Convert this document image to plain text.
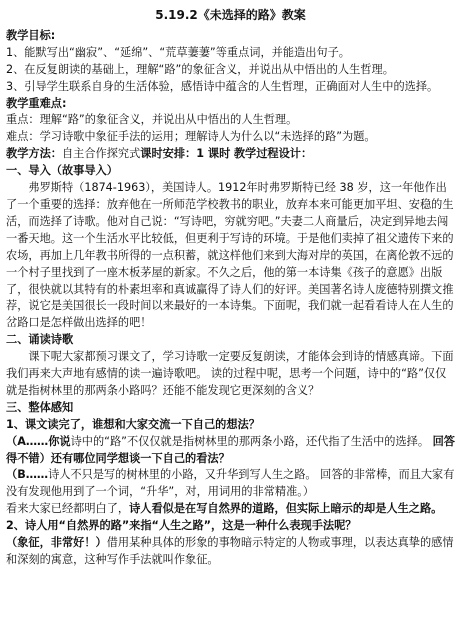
5.19.2《未选择的路》教案
教学目标:
1、能默写出“幽寂”、“延绵”、“荒草萋萋”等重点词，并能造出句子。
2、在反复朗读的基础上，理解“路”的象征含义，并说出从中悟出的人生哲理。
3、引导学生联系自身的生活体验，感悟诗中蕴含的人生哲理，正确面对人生中的选择。
教学重难点:
重点：理解“路”的象征含义，并说出从中悟出的人生哲理。
难点：学习诗歌中象征手法的运用；理解诗人为什么以“未选择的路”为题。
教学方法：自主合作探究式课时安排：1 课时 教学过程设计：
一、导入（故事导入）
弗罗斯特（1874-1963），美国诗人。1912年时弗罗斯特已经 38 岁，这一年他作出了一个重要的选择：放弃他在一所师范学校教书的职业，放弃本来可能更加平坦、安稳的生活，而选择了诗歌。他对自己说：“写诗吧，穷就穷吧。”夫妻二人商量后，决定到异地去闯一番天地。这一个生活水平比较低，但更利于写诗的环境。于是他们卖掉了祖父遗传下来的农场，再加上几年教书所得的一点积蓄，就这样他们来到大海对岸的英国，在离伦敦不远的一个村子里找到了一座木板茅屋的新家。不久之后，他的第一本诗集《孩子的意愿》出版了，很快就以其特有的朴素坦率和真诚赢得了诗人们的好评。美国著名诗人庞德特别撰文推荐，说它是美国很长一段时间以来最好的一本诗集。下面呢，我们就一起看看诗人在人生的岔路口是怎样做出选择的吧！
二、诵读诗歌
课下呢大家都预习课文了，学习诗歌一定要反复朗读，才能体会到诗的情感真谛。下面我们再来大声地有感情的读一遍诗歌吧。 读的过程中呢，思考一个问题，诗中的“路”仅仅就是指树林里的那两条小路吗？还能不能发现它更深刻的含义？
三、整体感知
1、课文读完了，谁想和大家交流一下自己的想法？
（A……你说诗中的“路”不仅仅就是指树林里的那两条小路，还代指了生活中的选择。 回答得不错）还有哪位同学想谈一下自己的看法？
（B……诗人不只是写的树林里的小路，又升华到写人生之路。 回答的非常棒，而且大家有没有发现他用到了一个词，“升华”，对，用词用的非常精准。）
看来大家已经都明白了，诗人看似是在写自然界的道路，但实际上暗示的却是人生之路。
2、诗人用“自然界的路”来指“人生之路”，这是一种什么表现手法呢？
（象征，非常好！）借用某种具体的形象的事物暗示特定的人物或事理，以表达真挚的感情和深刻的寓意，这种写作手法就叫作象征。
